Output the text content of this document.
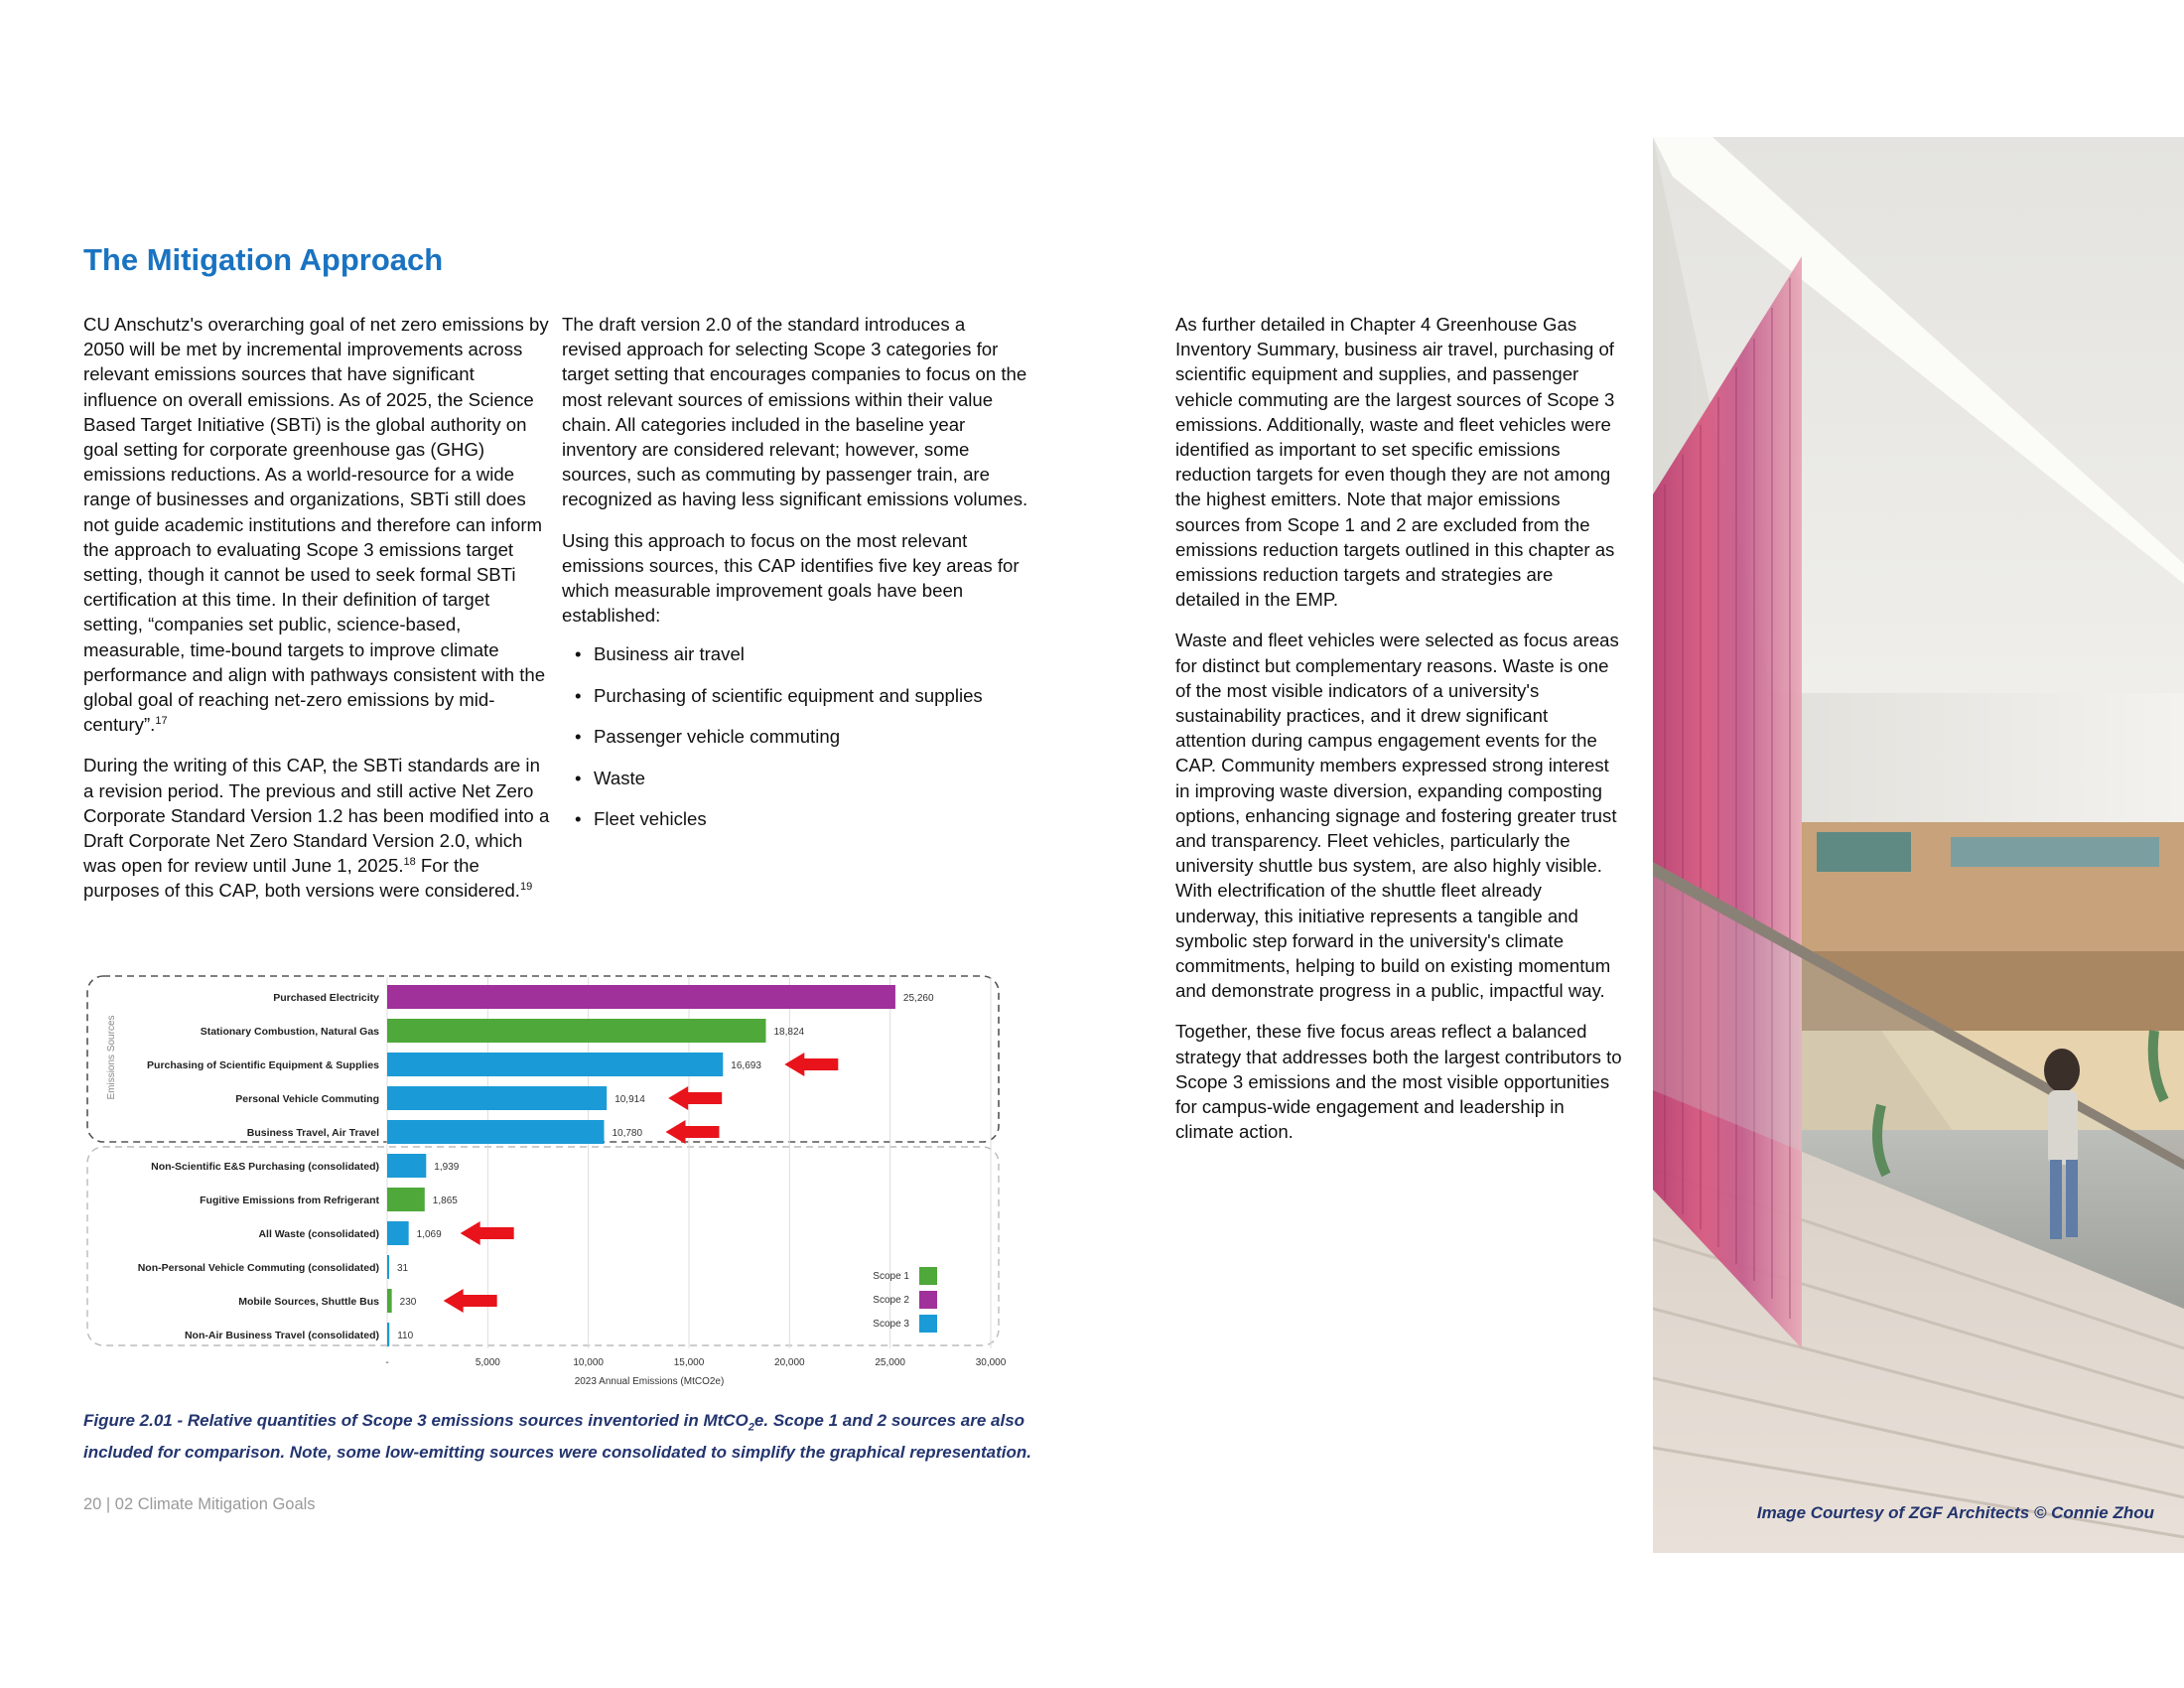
The Mitigation Approach

CU Anschutz's overarching goal of net zero emissions by 2050 will be met by incremental improvements across relevant emissions sources that have significant influence on overall emissions. As of 2025, the Science Based Target Initiative (SBTi) is the global authority on goal setting for corporate greenhouse gas (GHG) emissions reductions. As a world-resource for a wide range of businesses and organizations, SBTi still does not guide academic institutions and therefore can inform the approach to evaluating Scope 3 emissions target setting, though it cannot be used to seek formal SBTi certification at this time. In their definition of target setting, “companies set public, science-based, measurable, time-bound targets to improve climate performance and align with pathways consistent with the global goal of reaching net-zero emissions by mid-century”.$^{17}$

During the writing of this CAP, the SBTi standards are in a revision period. The previous and still active Net Zero Corporate Standard Version 1.2 has been modified into a Draft Corporate Net Zero Standard Version 2.0, which was open for review until June 1, 2025.18 For the purposes of this CAP, both versions were considered.$^{19}$

The draft version 2.0 of the standard introduces a revised approach for selecting Scope 3 categories for target setting that encourages companies to focus on the most relevant sources of emissions within their value chain. All categories included in the baseline year inventory are considered relevant; however, some sources, such as commuting by passenger train, are recognized as having less significant emissions volumes.

Using this approach to focus on the most relevant emissions sources, this CAP identifies five key areas for which measurable improvement goals have been established:

• Business air travel
• Purchasing of scientific equipment and supplies
• Passenger vehicle commuting
• Waste
• Fleet vehicles

As further detailed in Chapter 4 Greenhouse Gas Inventory Summary, business air travel, purchasing of scientific equipment and supplies, and passenger vehicle commuting are the largest sources of Scope 3 emissions. Additionally, waste and fleet vehicles were identified as important to set specific emissions reduction targets for even though they are not among the highest emitters. Note that major emissions sources from Scope 1 and 2 are excluded from the emissions reduction targets outlined in this chapter as emissions reduction targets and strategies are detailed in the EMP.

Waste and fleet vehicles were selected as focus areas for distinct but complementary reasons. Waste is one of the most visible indicators of a university's sustainability practices, and it drew significant attention during campus engagement events for the CAP. Community members expressed strong interest in improving waste diversion, expanding composting options, enhancing signage and fostering greater trust and transparency. Fleet vehicles, particularly the university shuttle bus system, are also highly visible. With electrification of the shuttle fleet already underway, this initiative represents a tangible and symbolic step forward in the university's climate commitments, helping to build on existing momentum and demonstrate progress in a public, impactful way.

Together, these five focus areas reflect a balanced strategy that addresses both the largest contributors to Scope 3 emissions and the most visible opportunities for campus-wide engagement and leadership in climate action.

-	5,000	10,000	15,000	20,000	25,000	30,000
2023 Annual Emissions (MtCO2e)
Emissions Sources
Purchased Electricity	25,260
Stationary Combustion, Natural Gas	18,824
Purchasing of Scientific Equipment & Supplies	16,693
Personal Vehicle Commuting	10,914
Business Travel, Air Travel	10,780
Non-Scientific E&S Purchasing (consolidated)	1,939
Fugitive Emissions from Refrigerant	1,865
All Waste (consolidated)	1,069
Non-Personal Vehicle Commuting (consolidated) 31
Mobile Sources, Shuttle Bus 230
Non-Air Business Travel (consolidated) 110
Scope 1
Scope 2
Scope 3
Figure 2.01 - Relative quantities of Scope 3 emissions sources inventoried in MtCO$_2$e. Scope 1 and 2 sources are also included for comparison. Note, some low-emitting sources were consolidated to simplify the graphical representation.
20 | 02 Climate Mitigation Goals	Image Courtesy of ZGF Architects © Connie Zhou
